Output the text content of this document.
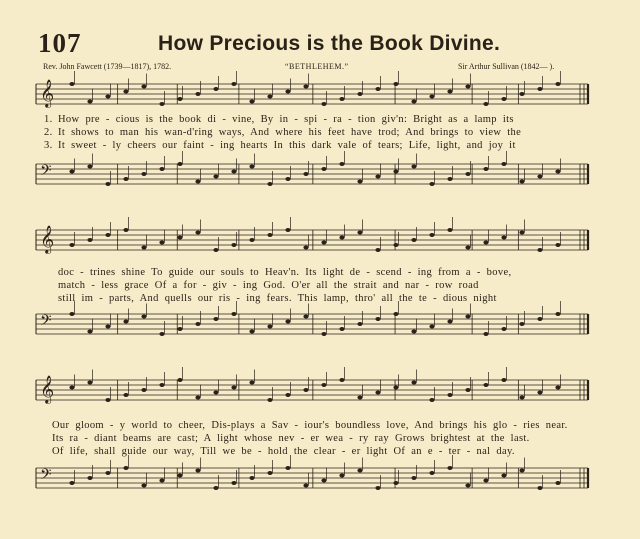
107	How Precious is the Book Divine.
Rev. John Fawcett (1739—1817), 1782.	“BETHLEHEM.”	Sir Arthur Sullivan (1842— ).
𝄞
1. How pre - cious is the book di - vine, By in - spi - ra - tion giv'n: Bright as a lamp its
2. It shows to man his wan-d'ring ways, And where his feet have trod; And brings to view the
3. It sweet - ly cheers our faint - ing hearts In this dark vale of tears; Life, light, and joy it
𝄢
𝄞
doc - trines shine To guide our souls to Heav'n. Its light de - scend - ing from a - bove,
match - less grace Of a for - giv - ing God. O'er all the strait and nar - row road
still im - parts, And quells our ris - ing fears. This lamp, thro' all the te - dious night
𝄢
𝄞
Our gloom - y world to cheer, Dis-plays a Sav - iour's boundless love, And brings his glo - ries near.
Its ra - diant beams are cast; A light whose nev - er wea - ry ray Grows brightest at the last.
Of life, shall guide our way, Till we be - hold the clear - er light Of an e - ter - nal day.
𝄢
